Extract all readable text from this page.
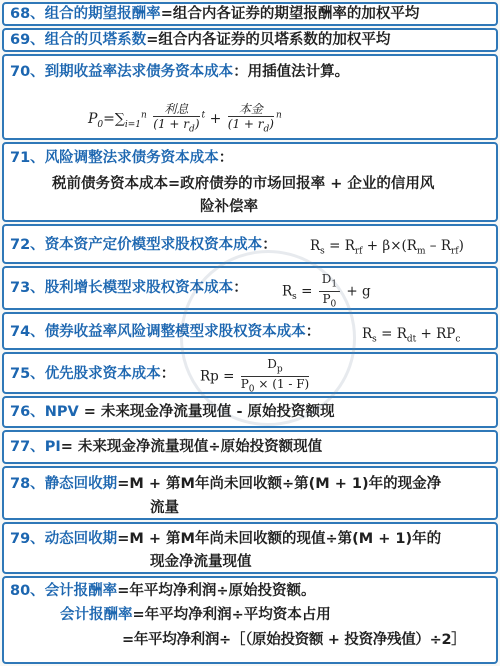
68、组合的期望报酬率=组合内各证券的期望报酬率的加权平均
69、组合的贝塔系数=组合内各证券的贝塔系数的加权平均
70、到期收益率法求债务资本成本：用插值法计算。
$P_0=\sum_{i=1}^n \frac{\text{利息}}{(1 + r_d)} ^t + \frac{\text{本金}}{(1 + r_d)} ^n$
71、风险调整法求债务资本成本：
税前债务资本成本=政府债券的市场回报率 + 企业的信用风
险补偿率
72、资本资产定价模型求股权资本成本： $R_s = R_{rf} + \beta\times(R_m - R_{rf})$
73、股利增长模型求股权资本成本：	$R_s = \frac{D_1}{P_0} + g$
74、债券收益率风险调整模型求股权资本成本：	$R_s = R_{dt} + RP_c$
75、优先股求资本成本： $Rp = \frac{D_p}{P_0 \times (1 - F)}$
76、NPV = 未来现金净流量现值 - 原始投资额现
77、PI= 未来现金净流量现值÷原始投资额现值
78、静态回收期=M + 第M年尚未回收额÷第(M + 1)年的现金净
流量
79、动态回收期=M + 第M年尚未回收额的现值÷第(M + 1)年的
现金净流量现值
80、会计报酬率=年平均净利润÷原始投资额。
会计报酬率=年平均净利润÷平均资本占用
=年平均净利润÷［（原始投资额 + 投资净残值）÷2］
